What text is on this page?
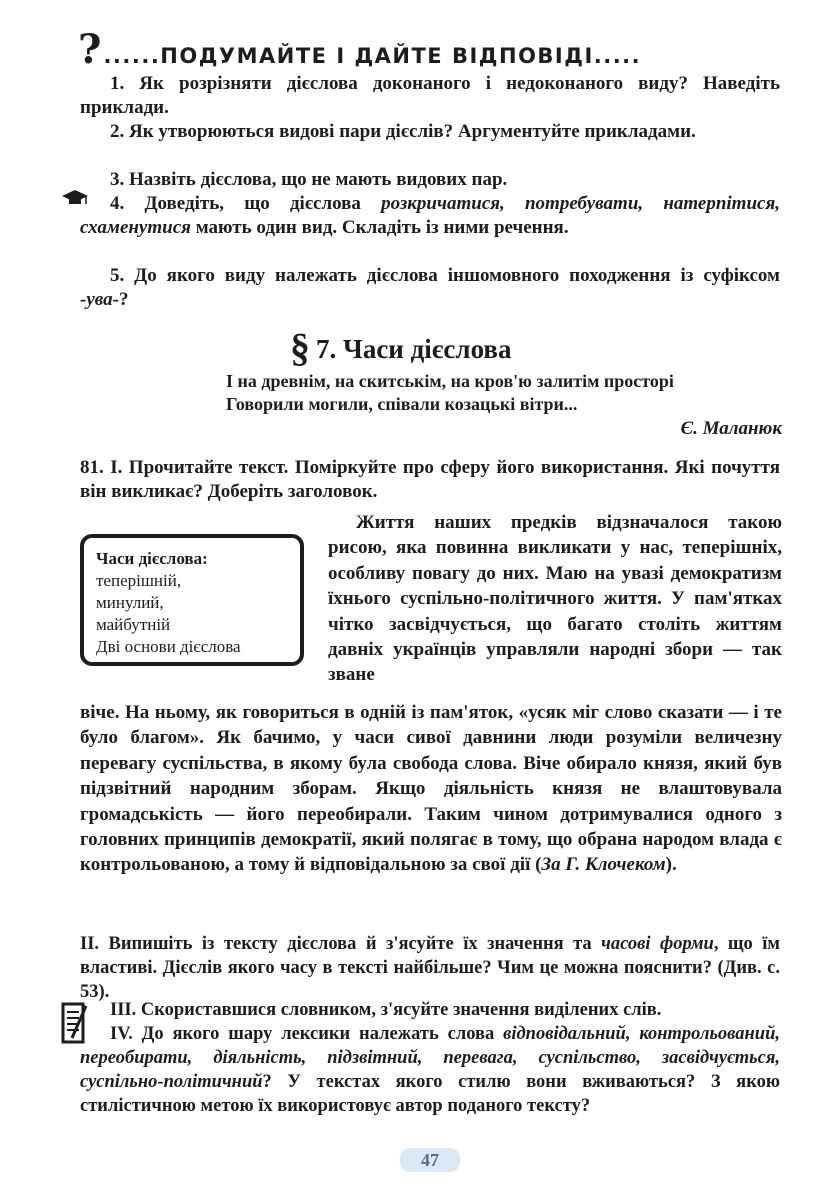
? ......ПОДУМАЙТЕ І ДАЙТЕ ВІДПОВІДІ.....

1. Як розрізняти дієслова доконаного і недоконаного виду? Наведіть приклади.

2. Як утворюються видові пари дієслів? Аргументуйте прикладами.

3. Назвіть дієслова, що не мають видових пар.

4. Доведіть, що дієслова розкричатися, потребувати, натерпітися, схаменутися мають один вид. Складіть із ними речення.

5. До якого виду належать дієслова іншомовного походження із суфіксом -ува-?

§ 7. Часи дієслова
І на древнім, на скитськім, на кров'ю залитім просторі
Говорили могили, співали козацькі вітри...
Є. Маланюк

81. І. Прочитайте текст. Поміркуйте про сферу його використання. Які почуття він викликає? Доберіть заголовок.

Часи дієслова:
теперішній,
минулий,
майбутній
Дві основи дієслова

Життя наших предків відзначалося такою рисою, яка повинна викликати у нас, теперішніх, особливу повагу до них. Маю на увазі демократизм їхнього суспільно-політичного життя. У пам'ятках чітко засвідчується, що багато століть життям давніх українців управляли народні збори — так зване

віче. На ньому, як говориться в одній із пам'яток, «усяк міг слово сказати — і те було благом». Як бачимо, у часи сивої давнини люди розуміли величезну перевагу суспільства, в якому була свобода слова. Віче обирало князя, який був підзвітний народним зборам. Якщо діяльність князя не влаштовувала громадськість — його переобирали. Таким чином дотримувалися одного з головних принципів демократії, який полягає в тому, що обрана народом влада є контрольованою, а тому й відповідальною за свої дії (За Г. Клочеком).

ІІ. Випишіть із тексту дієслова й з'ясуйте їх значення та часові форми, що їм властиві. Дієслів якого часу в тексті найбільше? Чим це можна пояснити? (Див. с. 53).

ІІІ. Скориставшися словником, з'ясуйте значення виділених слів.

IV. До якого шару лексики належать слова відповідальний, контрольований, переобирати, діяльність, підзвітний, перевага, суспільство, засвідчується, суспільно-політичний? У текстах якого стилю вони вживаються? З якою стилістичною метою їх використовує автор поданого тексту?

47
